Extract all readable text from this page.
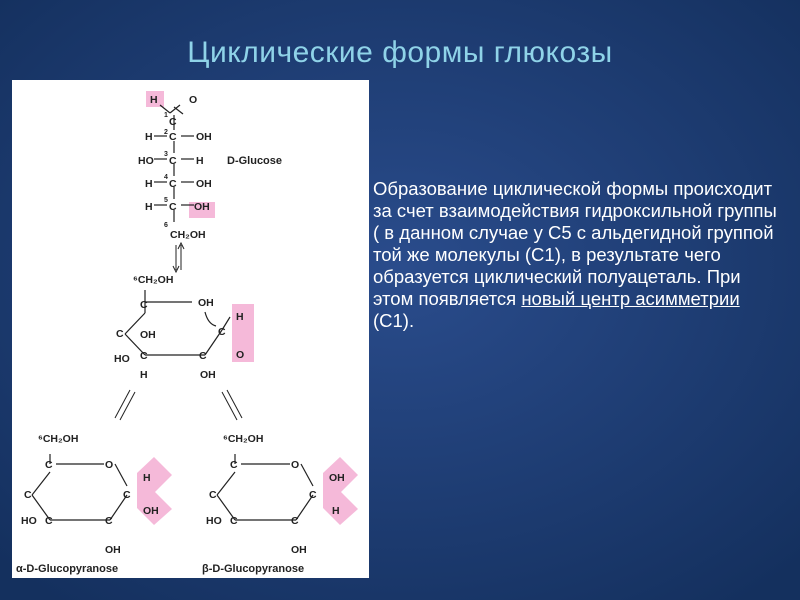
Циклические формы глюкозы
H	O
1
C
2
H C OH
3
HO C H
4
H C OH
5
H C OH
6
CH₂OH
D-Glucose
⁶CH₂OH
C	OH
C	C
H
O
C	C
HO
OH
OH
H
⁶CH₂OH
C	O
C	C
H
OH
C	C
HO
OH
α-D-Glucopyranose
⁶CH₂OH
C	O
C	C
OH
H
C	C
HO
OH
β-D-Glucopyranose
Образование циклической формы происходит за счет взаимодействия гидроксильной группы ( в данном случае у С5 с альдегидной группой той же молекулы (С1), в результате чего образуется циклический полуацеталь. При этом появляется новый центр асимметрии (С1).
